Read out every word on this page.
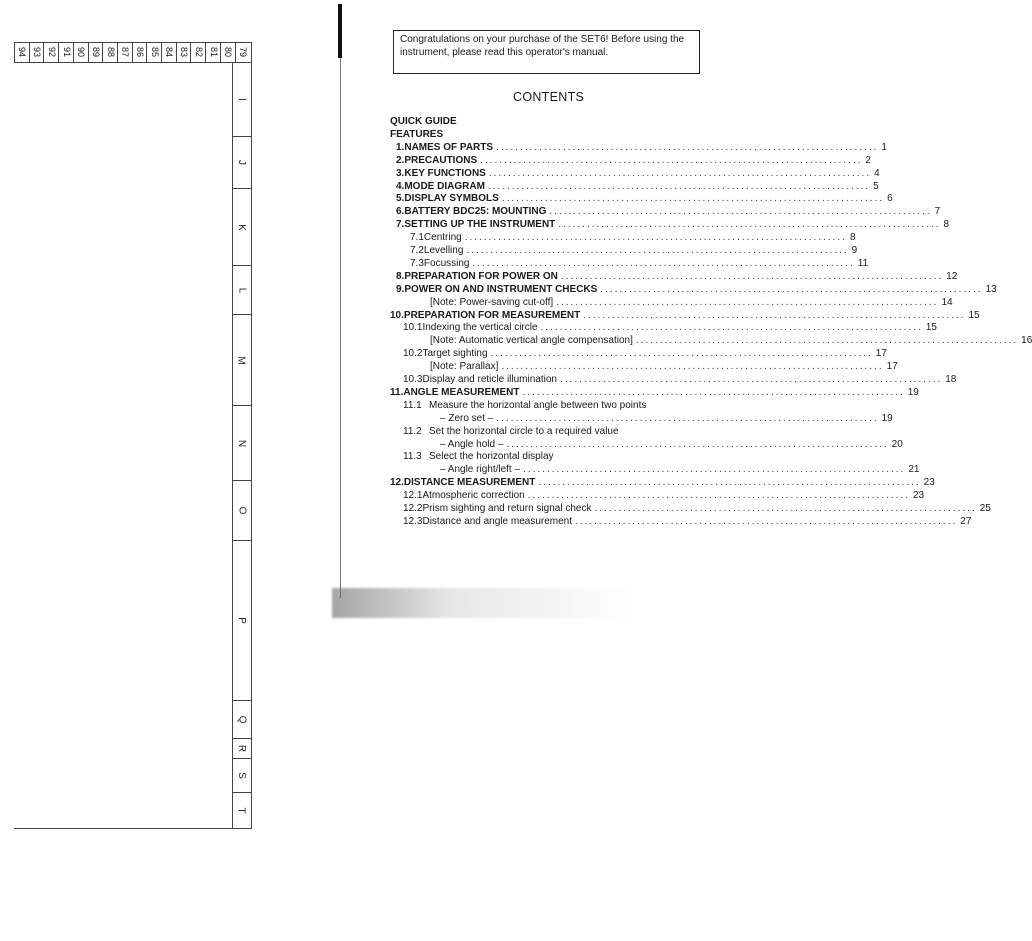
94 93 92 91 90 89 88 87 86 85 84 83 82 81 80 79
I
J
K
L
M
N
O
P
Q
R
S
T
Congratulations on your purchase of the SET6! Before using the instrument, please read this operator's manual.
CONTENTS
QUICK GUIDE
FEATURES
1. NAMES OF PARTS ................................................................................ 1
2. PRECAUTIONS ................................................................................ 2
3. KEY FUNCTIONS ................................................................................ 4
4. MODE DIAGRAM ................................................................................ 5
5. DISPLAY SYMBOLS ................................................................................ 6
6. BATTERY BDC25: MOUNTING ................................................................................ 7
7. SETTING UP THE INSTRUMENT ................................................................................ 8
7.1 Centring ................................................................................ 8
7.2 Levelling ................................................................................ 9
7.3 Focussing ................................................................................ 11
8. PREPARATION FOR POWER ON ................................................................................ 12
9. POWER ON AND INSTRUMENT CHECKS ................................................................................ 13
[Note: Power-saving cut-off] ................................................................................ 14
10. PREPARATION FOR MEASUREMENT ................................................................................ 15
10.1 Indexing the vertical circle ................................................................................ 15
[Note: Automatic vertical angle compensation] ................................................................................ 16
10.2 Target sighting ................................................................................ 17
[Note: Parallax] ................................................................................ 17
10.3 Display and reticle illumination ................................................................................ 18
11. ANGLE MEASUREMENT ................................................................................ 19
11.1 Measure the horizontal angle between two points
– Zero set – ................................................................................ 19
11.2 Set the horizontal circle to a required value
– Angle hold – ................................................................................ 20
11.3 Select the horizontal display
– Angle right/left – ................................................................................ 21
12. DISTANCE MEASUREMENT ................................................................................ 23
12.1 Atmospheric correction ................................................................................ 23
12.2 Prism sighting and return signal check ................................................................................ 25
12.3 Distance and angle measurement ................................................................................ 27
